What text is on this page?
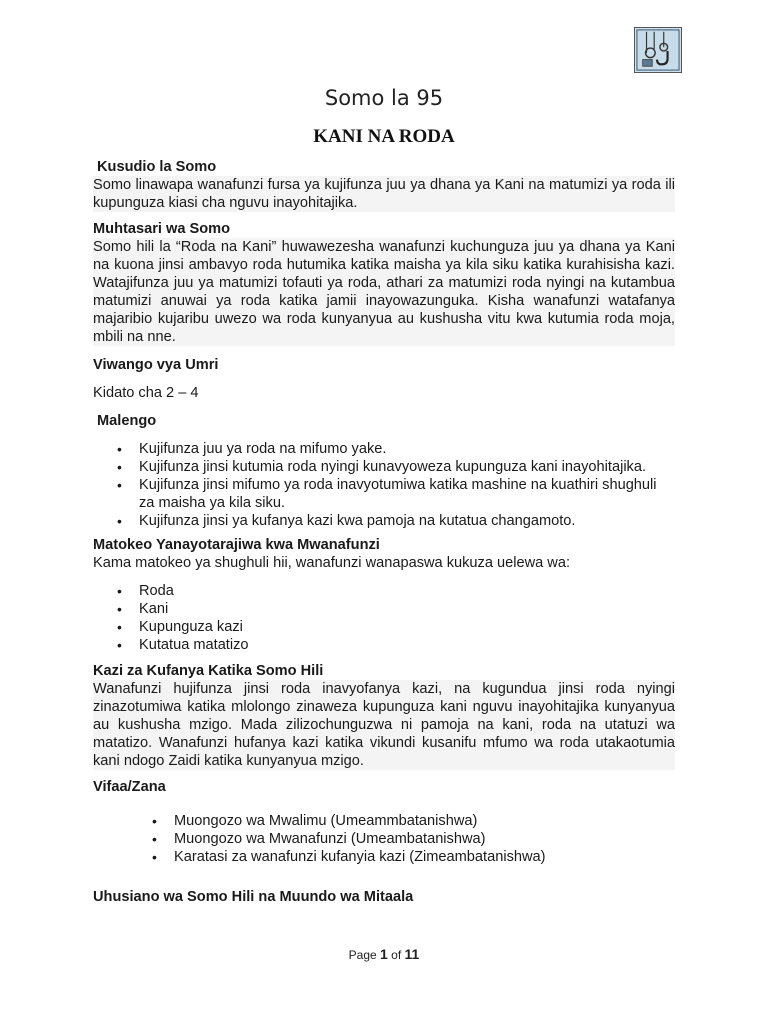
Somo la 95
KANI NA RODA
Kusudio la Somo

Somo linawapa wanafunzi fursa ya kujifunza juu ya dhana ya Kani na matumizi ya roda ili kupunguza kiasi cha nguvu inayohitajika.

Muhtasari wa Somo

Somo hili la “Roda na Kani” huwawezesha wanafunzi kuchunguza juu ya dhana ya Kani na kuona jinsi ambavyo roda hutumika katika maisha ya kila siku katika kurahisisha kazi. Watajifunza juu ya matumizi tofauti ya roda, athari za matumizi roda nyingi na kutambua matumizi anuwai ya roda katika jamii inayowazunguka. Kisha wanafunzi watafanya majaribio kujaribu uwezo wa roda kunyanyua au kushusha vitu kwa kutumia roda moja, mbili na nne.

Viwango vya Umri

Kidato cha 2 – 4

Malengo
• Kujifunza juu ya roda na mifumo yake.
• Kujifunza jinsi kutumia roda nyingi kunavyoweza kupunguza kani inayohitajika.
• Kujifunza jinsi mifumo ya roda inavyotumiwa katika mashine na kuathiri shughuli za maisha ya kila siku.
• Kujifunza jinsi ya kufanya kazi kwa pamoja na kutatua changamoto.
Matokeo Yanayotarajiwa kwa Mwanafunzi

Kama matokeo ya shughuli hii, wanafunzi wanapaswa kukuza uelewa wa:

• Roda
• Kani
• Kupunguza kazi
• Kutatua matatizo
Kazi za Kufanya Katika Somo Hili

Wanafunzi hujifunza jinsi roda inavyofanya kazi, na kugundua jinsi roda nyingi zinazotumiwa katika mlolongo zinaweza kupunguza kani nguvu inayohitajika kunyanyua au kushusha mzigo. Mada zilizochunguzwa ni pamoja na kani, roda na utatuzi wa matatizo. Wanafunzi hufanya kazi katika vikundi kusanifu mfumo wa roda utakaotumia kani ndogo Zaidi katika kunyanyua mzigo.

Vifaa/Zana
• Muongozo wa Mwalimu (Umeammbatanishwa)
• Muongozo wa Mwanafunzi (Umeambatanishwa)
• Karatasi za wanafunzi kufanyia kazi (Zimeambatanishwa)
Uhusiano wa Somo Hili na Muundo wa Mitaala
Page 1 of 11
